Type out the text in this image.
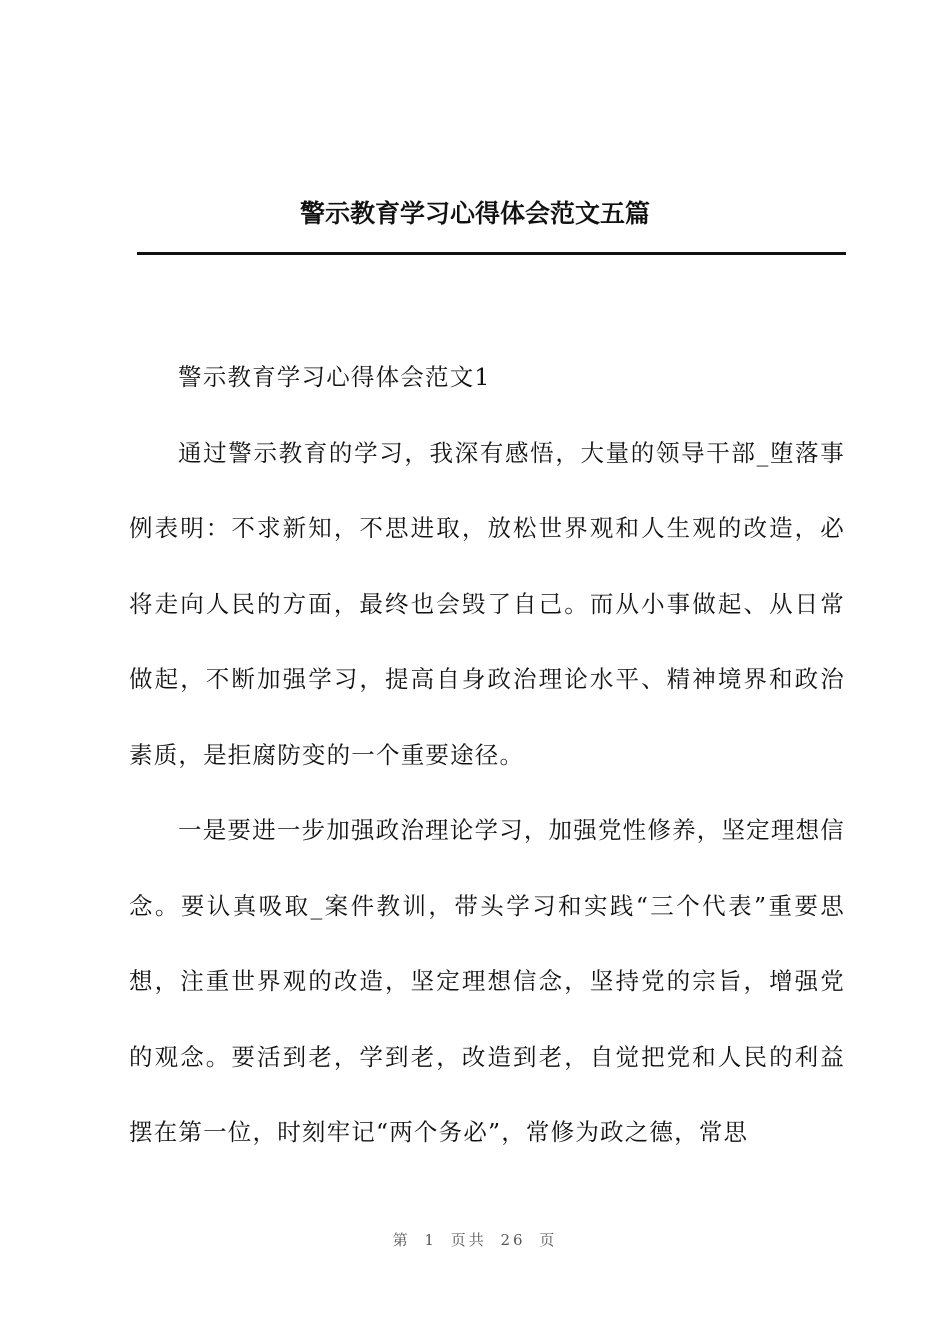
警示教育学习心得体会范文五篇

警示教育学习心得体会范文1

通过警示教育的学习，我深有感悟，大量的领导干部_堕落事例表明：不求新知，不思进取，放松世界观和人生观的改造，必将走向人民的方面，最终也会毁了自己。而从小事做起、从日常做起，不断加强学习，提高自身政治理论水平、精神境界和政治素质，是拒腐防变的一个重要途径。

一是要进一步加强政治理论学习，加强党性修养，坚定理想信念。要认真吸取_案件教训，带头学习和实践“三个代表”重要思想，注重世界观的改造，坚定理想信念，坚持党的宗旨，增强党的观念。要活到老，学到老，改造到老，自觉把党和人民的利益摆在第一位，时刻牢记“两个务必”，常修为政之德，常思

第 1 页共 26 页
